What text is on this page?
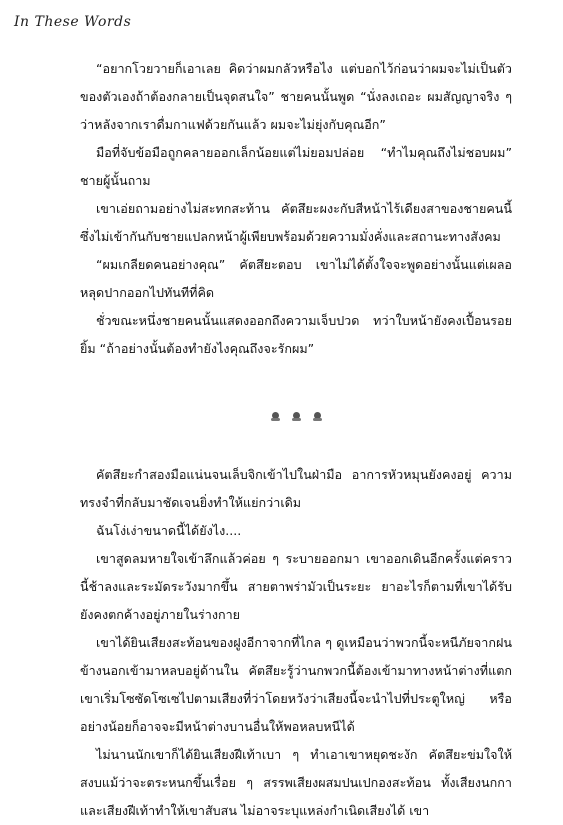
In These Words

“อยากโวยวายก็เอาเลย คิดว่าผมกลัวหรือไง แต่บอกไว้ก่อนว่าผมจะไม่เป็นตัวของตัวเองถ้าต้องกลายเป็นจุดสนใจ” ชายคนนั้นพูด “นั่งลงเถอะ ผมสัญญาจริง ๆ ว่าหลังจากเราดื่มกาแฟด้วยกันแล้ว ผมจะไม่ยุ่งกับคุณอีก”

มือที่จับข้อมือถูกคลายออกเล็กน้อยแต่ไม่ยอมปล่อย “ทำไมคุณถึงไม่ชอบผม” ชายผู้นั้นถาม

เขาเอ่ยถามอย่างไม่สะทกสะท้าน คัตสึยะผงะกับสีหน้าไร้เดียงสาของชายคนนี้ ซึ่งไม่เข้ากันกับชายแปลกหน้าผู้เพียบพร้อมด้วยความมั่งคั่งและสถานะทางสังคม

“ผมเกลียดคนอย่างคุณ” คัตสึยะตอบ เขาไม่ได้ตั้งใจจะพูดอย่างนั้นแต่เผลอหลุดปากออกไปทันทีที่คิด

ชั่วขณะหนึ่งชายคนนั้นแสดงออกถึงความเจ็บปวด ทว่าใบหน้ายังคงเปื้อนรอยยิ้ม “ถ้าอย่างนั้นต้องทำยังไงคุณถึงจะรักผม”

คัตสึยะกำสองมือแน่นจนเล็บจิกเข้าไปในฝ่ามือ อาการหัวหมุนยังคงอยู่ ความทรงจำที่กลับมาชัดเจนยิ่งทำให้แย่กว่าเดิม

ฉันโง่เง่าขนาดนี้ได้ยังไง....

เขาสูดลมหายใจเข้าลึกแล้วค่อย ๆ ระบายออกมา เขาออกเดินอีกครั้งแต่คราวนี้ช้าลงและระมัดระวังมากขึ้น สายตาพร่ามัวเป็นระยะ ยาอะไรก็ตามที่เขาได้รับยังคงตกค้างอยู่ภายในร่างกาย

เขาได้ยินเสียงสะท้อนของฝูงอีกาจากที่ไกล ๆ ดูเหมือนว่าพวกนี้จะหนีภัยจากฝนข้างนอกเข้ามาหลบอยู่ด้านใน คัตสึยะรู้ว่านกพวกนี้ต้องเข้ามาทางหน้าต่างที่แตก เขาเริ่มโซซัดโซเซไปตามเสียงที่ว่าโดยหวังว่าเสียงนี้จะนำไปที่ประตูใหญ่ หรืออย่างน้อยก็อาจจะมีหน้าต่างบานอื่นให้พอหลบหนีได้

ไม่นานนักเขาก็ได้ยินเสียงฝีเท้าเบา ๆ ทำเอาเขาหยุดชะงัก คัตสึยะข่มใจให้สงบแม้ว่าจะตระหนกขึ้นเรื่อย ๆ สรรพเสียงผสมปนเปกองสะท้อน ทั้งเสียงนกกาและเสียงฝีเท้าทำให้เขาสับสน ไม่อาจระบุแหล่งกำเนิดเสียงได้ เขา
